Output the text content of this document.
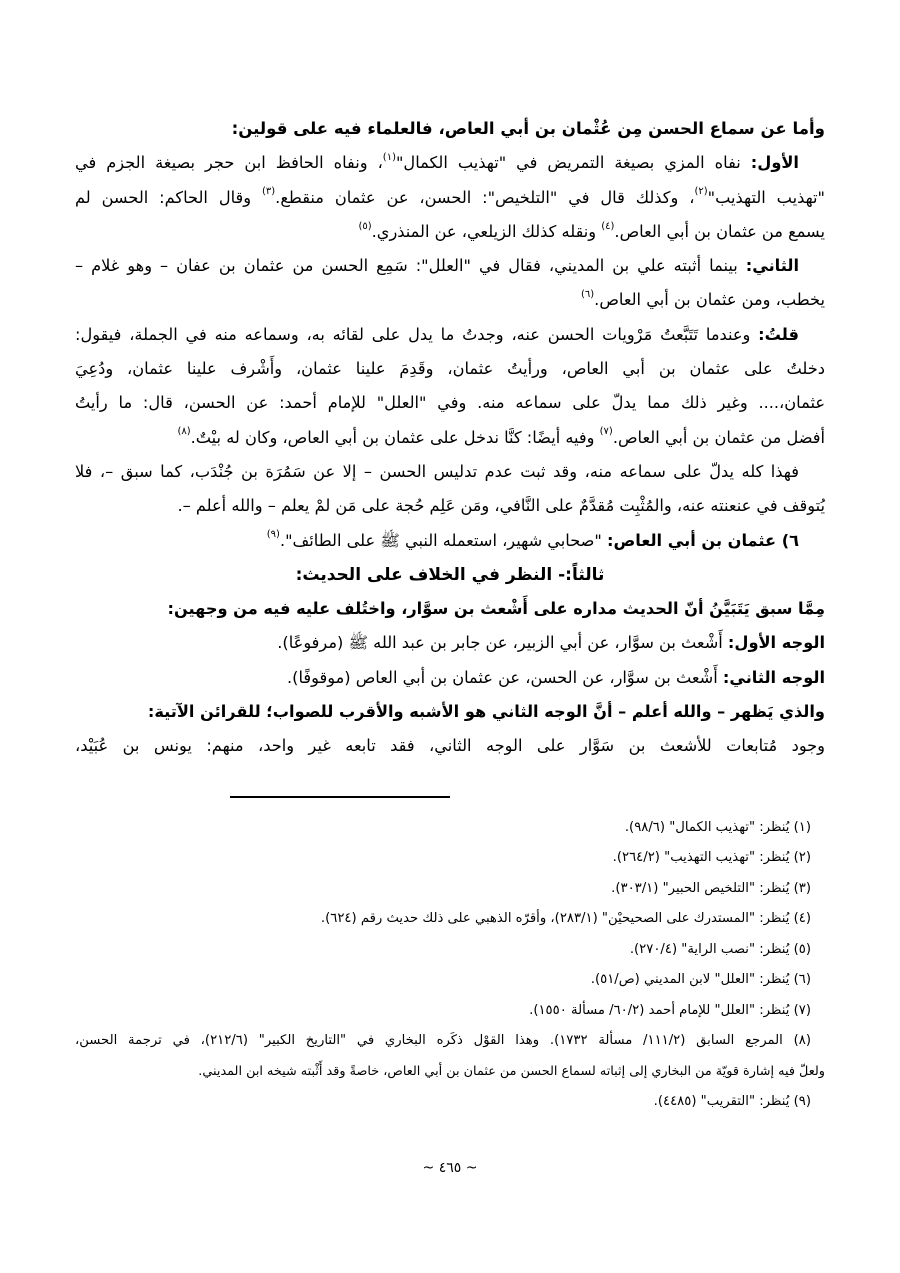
وأما عن سماع الحسن مِن عُثْمان بن أبي العاص، فالعلماء فيه على قولين:

الأول: نفاه المزي بصيغة التمريض في "تهذيب الكمال"$^{(١)}$، ونفاه الحافظ ابن حجر بصيغة الجزم في

"تهذيب التهذيب"$^{(٢)}$، وكذلك قال في "التلخيص": الحسن، عن عثمان منقطع.$^{(٣)}$ وقال الحاكم: الحسن لم

يسمع من عثمان بن أبي العاص.$^{(٤)}$ ونقله كذلك الزيلعي، عن المنذري.$^{(٥)}$

الثاني: بينما أثبته علي بن المديني، فقال في "العلل": سَمِع الحسن من عثمان بن عفان – وهو غلام –

يخطب، ومن عثمان بن أبي العاص.$^{(٦)}$

قلتُ: وعندما تَتَبَّعتُ مَرْويات الحسن عنه، وجدتُ ما يدل على لقائه به، وسماعه منه في الجملة، فيقول:

دخلتُ على عثمان بن أبي العاص، ورأيتُ عثمان، وقَدِمَ علينا عثمان، وأَشْرف علينا عثمان، ودُعِيَ

عثمان،.... وغير ذلك مما يدلّ على سماعه منه. وفي "العلل" للإمام أحمد: عن الحسن، قال: ما رأيتُ

أفضل من عثمان بن أبي العاص.$^{(٧)}$ وفيه أيضًا: كنَّا ندخل على عثمان بن أبي العاص، وكان له بيْتٌ.$^{(٨)}$

فهذا كله يدلّ على سماعه منه، وقد ثبت عدم تدليس الحسن – إلا عن سَمُرَة بن جُنْدَب، كما سبق –، فلا

يُتوقف في عنعنته عنه، والمُثْبِت مُقدَّمٌ على النَّافي، ومَن عَلِم حُجة على مَن لمْ يعلم – والله أعلم –.

٦) عثمان بن أبي العاص: "صحابي شهير، استعمله النبي ﷺ على الطائف".$^{(٩)}$

ثالثاً:- النظر في الخلاف على الحديث:

مِمَّا سبق يَتَبَيَّنُ أنّ الحديث مداره على أَشْعث بن سوَّار، واختُلف عليه فيه من وجهين:

الوجه الأول: أَشْعث بن سوَّار، عن أبي الزبير، عن جابر بن عبد الله ﷺ (مرفوعًا).

الوجه الثاني: أَشْعث بن سوَّار، عن الحسن، عن عثمان بن أبي العاص (موقوفًا).

والذي يَظهر – والله أعلم – أنَّ الوجه الثاني هو الأشبه والأقرب للصواب؛ للقرائن الآتية:

وجود مُتابعات للأشعث بن سَوَّار على الوجه الثاني، فقد تابعه غير واحد، منهم: يونس بن عُبَيْد،

(١) يُنظر: "تهذيب الكمال" (٩٨/٦).

(٢) يُنظر: "تهذيب التهذيب" (٢٦٤/٢).

(٣) يُنظر: "التلخيص الحبير" (٣٠٣/١).

(٤) يُنظر: "المستدرك على الصحيحيْن" (٢٨٣/١)، وأقرّه الذهبي على ذلك حديث رقم (٦٢٤).

(٥) يُنظر: "نصب الراية" (٢٧٠/٤).

(٦) يُنظر: "العلل" لابن المديني (ص/٥١).

(٧) يُنظر: "العلل" للإمام أحمد (٦٠/٢/ مسألة ١٥٥٠).

(٨) المرجع السابق (١١١/٢/ مسألة ١٧٣٢). وهذا القوْل ذكَره البخاري في "التاريخ الكبير" (٢١٢/٦)، في ترجمة الحسن،

ولعلّ فيه إشارة قويّة من البخاري إلى إثباته لسماع الحسن من عثمان بن أبي العاص، خاصةً وقد أَثْبته شيخه ابن المديني.

(٩) يُنظر: "التقريب" (٤٤٨٥).

~ ٤٦٥ ~
